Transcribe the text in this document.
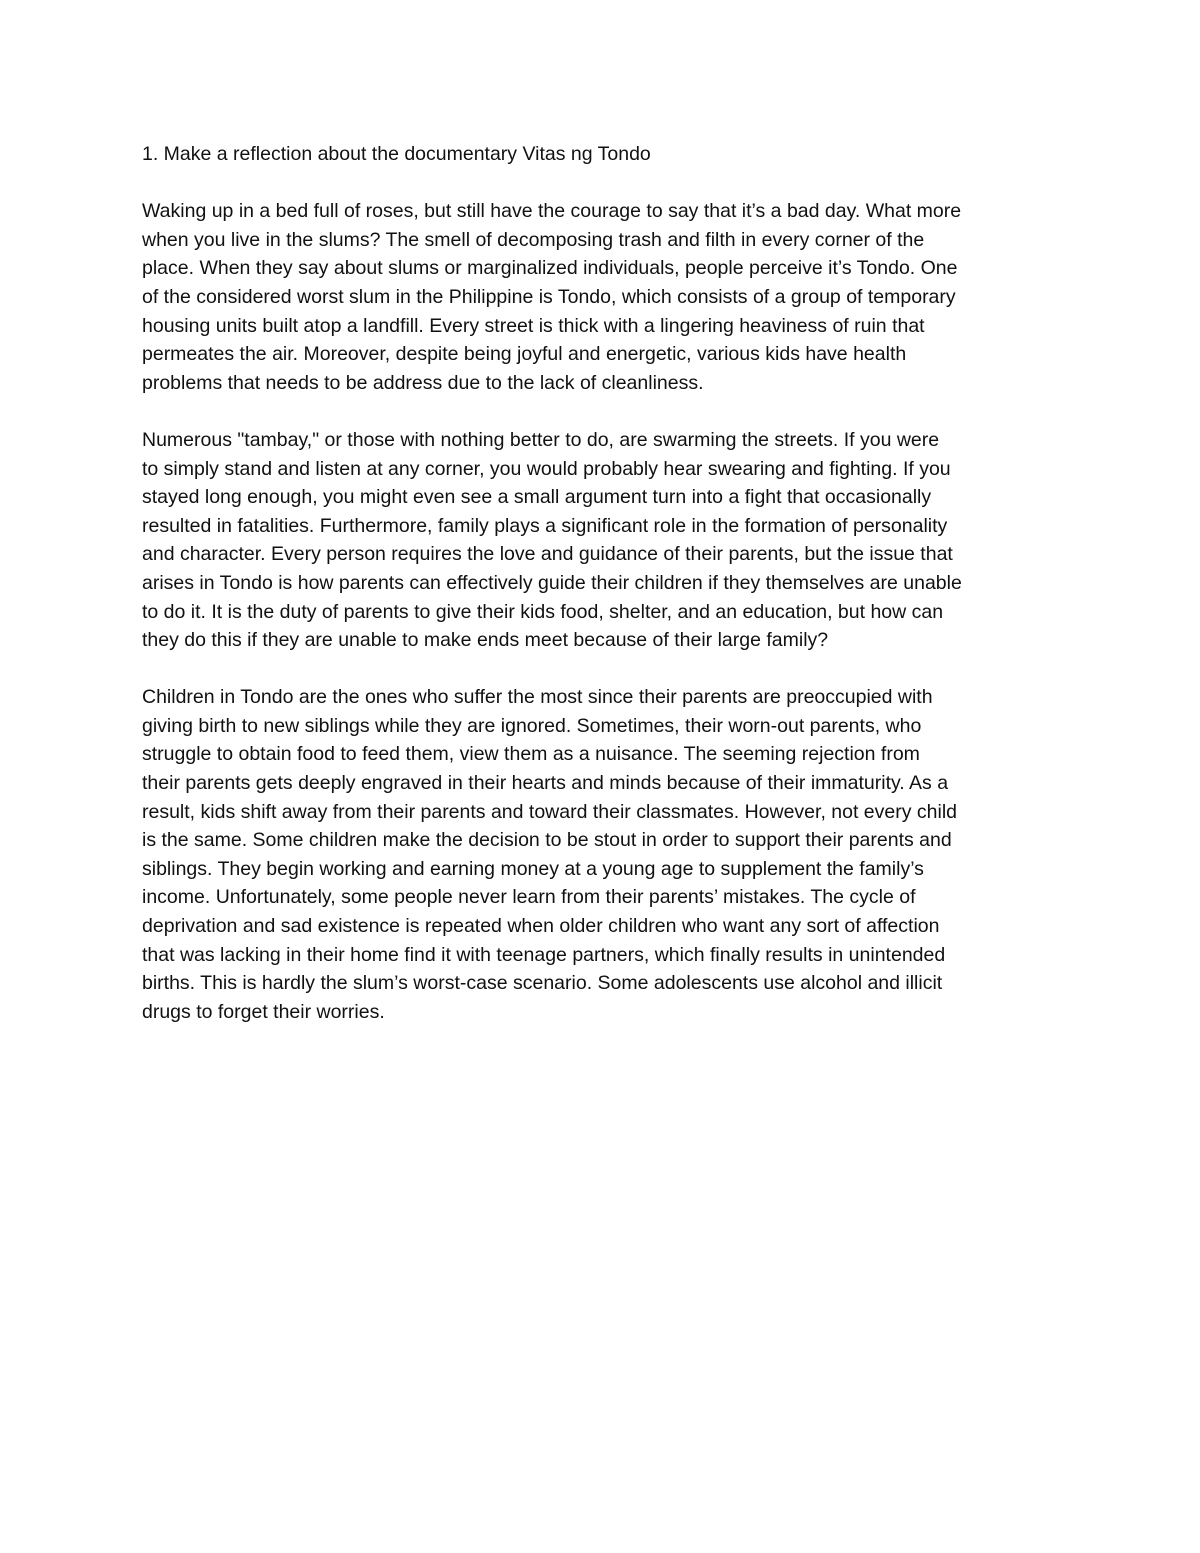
1. Make a reflection about the documentary Vitas ng Tondo
Waking up in a bed full of roses, but still have the courage to say that it’s a bad day. What more
when you live in the slums? The smell of decomposing trash and filth in every corner of the
place. When they say about slums or marginalized individuals, people perceive it’s Tondo. One
of the considered worst slum in the Philippine is Tondo, which consists of a group of temporary
housing units built atop a landfill. Every street is thick with a lingering heaviness of ruin that
permeates the air. Moreover, despite being joyful and energetic, various kids have health
problems that needs to be address due to the lack of cleanliness.
Numerous "tambay," or those with nothing better to do, are swarming the streets. If you were
to simply stand and listen at any corner, you would probably hear swearing and fighting. If you
stayed long enough, you might even see a small argument turn into a fight that occasionally
resulted in fatalities. Furthermore, family plays a significant role in the formation of personality
and character. Every person requires the love and guidance of their parents, but the issue that
arises in Tondo is how parents can effectively guide their children if they themselves are unable
to do it. It is the duty of parents to give their kids food, shelter, and an education, but how can
they do this if they are unable to make ends meet because of their large family?
Children in Tondo are the ones who suffer the most since their parents are preoccupied with
giving birth to new siblings while they are ignored. Sometimes, their worn-out parents, who
struggle to obtain food to feed them, view them as a nuisance. The seeming rejection from
their parents gets deeply engraved in their hearts and minds because of their immaturity. As a
result, kids shift away from their parents and toward their classmates. However, not every child
is the same. Some children make the decision to be stout in order to support their parents and
siblings. They begin working and earning money at a young age to supplement the family’s
income. Unfortunately, some people never learn from their parents’ mistakes. The cycle of
deprivation and sad existence is repeated when older children who want any sort of affection
that was lacking in their home find it with teenage partners, which finally results in unintended
births. This is hardly the slum’s worst-case scenario. Some adolescents use alcohol and illicit
drugs to forget their worries.
